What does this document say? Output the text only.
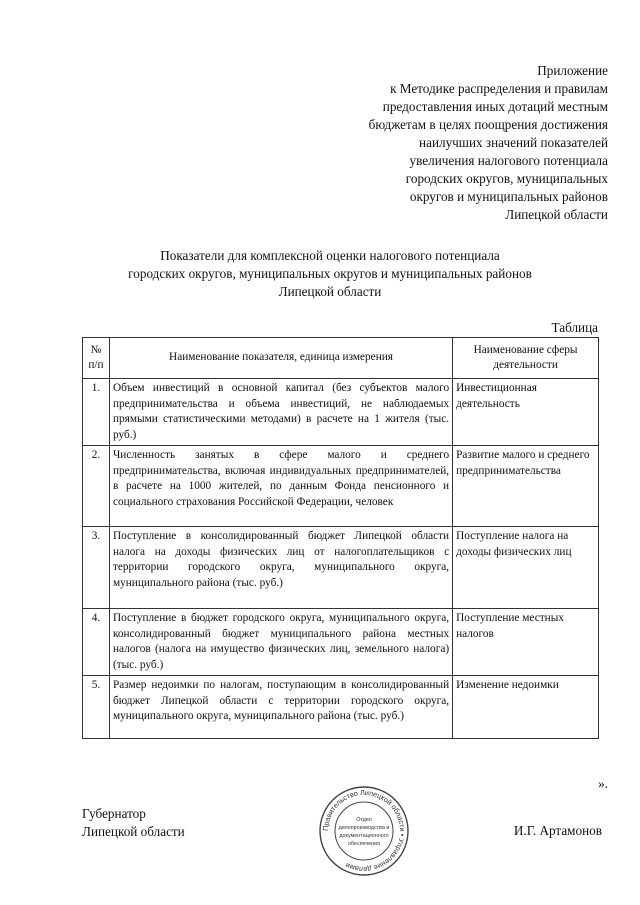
Приложение
к Методике распределения и правилам
предоставления иных дотаций местным
бюджетам в целях поощрения достижения
наилучших значений показателей
увеличения налогового потенциала
городских округов, муниципальных
округов и муниципальных районов
Липецкой области
Показатели для комплексной оценки налогового потенциала
городских округов, муниципальных округов и муниципальных районов
Липецкой области
Таблица
№ п/п	Наименование показателя, единица измерения	Наименование сферы деятельности
1.	Объем инвестиций в основной капитал (без субъектов малого предпринимательства и объема инвестиций, не наблюдаемых прямыми статистическими методами) в расчете на 1 жителя (тыс. руб.)	Инвестиционная деятельность
2.	Численность занятых в сфере малого и среднего предпринимательства, включая индивидуальных предпринимателей, в расчете на 1000 жителей, по данным Фонда пенсионного и социального страхования Российской Федерации, человек	Развитие малого и среднего предпринимательства
3.	Поступление в консолидированный бюджет Липецкой области налога на доходы физических лиц от налогоплательщиков с территории городского округа, муниципального округа, муниципального района (тыс. руб.)	Поступление налога на доходы физических лиц
4.	Поступление в бюджет городского округа, муниципального округа, консолидированный бюджет муниципального района местных налогов (налога на имущество физических лиц, земельного налога) (тыс. руб.)	Поступление местных налогов
5.	Размер недоимки по налогам, поступающим в консолидированный бюджет Липецкой области с территории городского округа, муниципального округа, муниципального района (тыс. руб.)	Изменение недоимки
».
Губернатор
Липецкой области	И.Г. Артамонов
Правительство Липецкой области • Управление делами
Отдел
делопроизводства и
документационного
обеспечения
